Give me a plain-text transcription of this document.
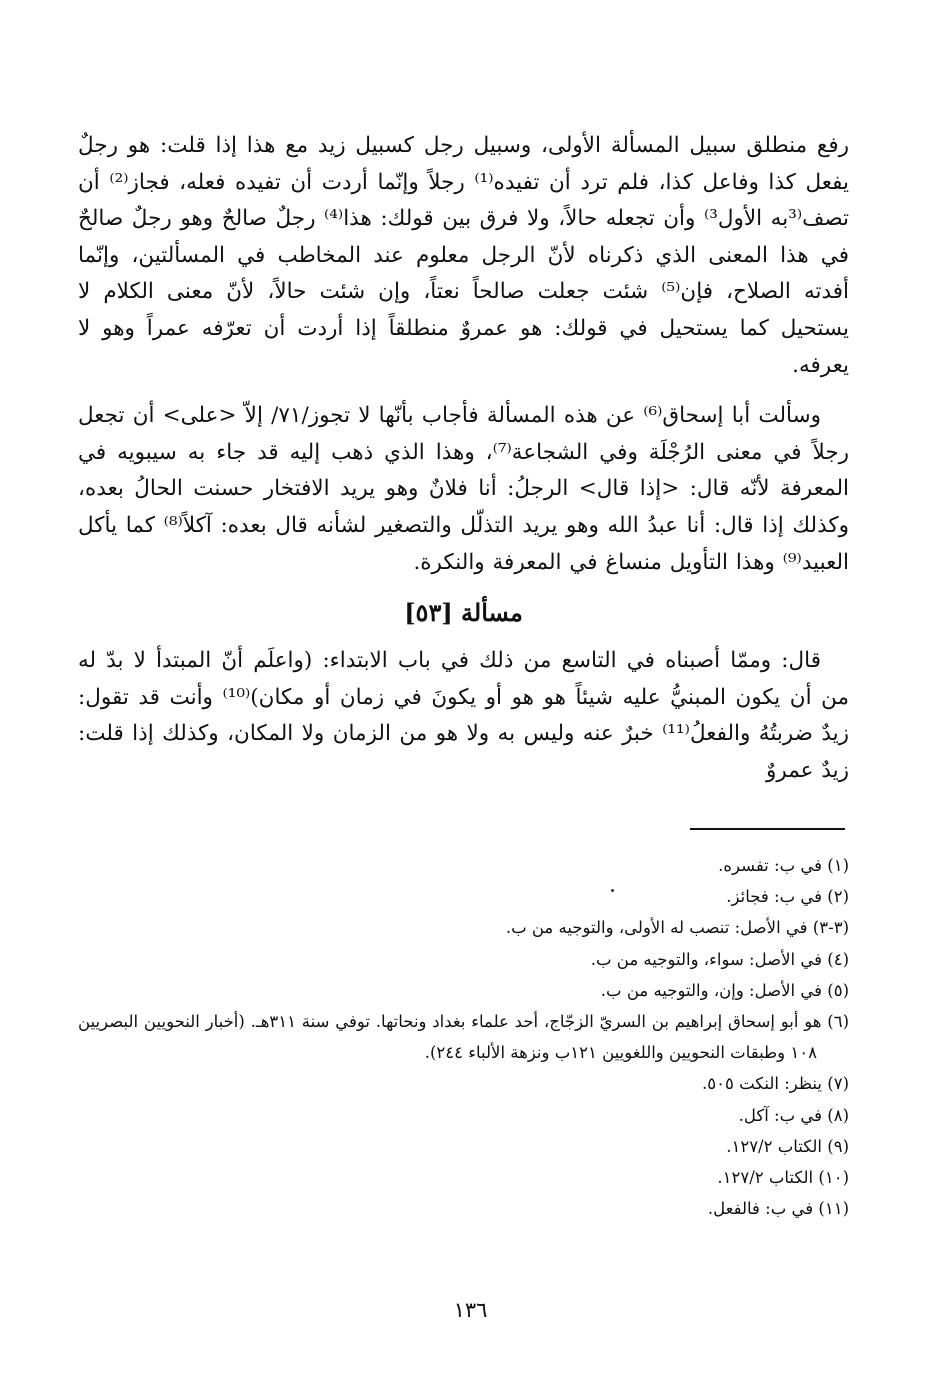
رفع منطلق سبيل المسألة الأولى، وسبيل رجل كسبيل زيد مع هذا إذا قلت: هو رجلٌ يفعل كذا وفاعل كذا، فلم ترد أن تفيده⁽¹⁾ رجلاً وإنّما أردت أن تفيده فعله، فجاز⁽²⁾ أن تصف⁽³به الأول³⁾ وأن تجعله حالاً، ولا فرق بين قولك: هذا⁽⁴⁾ رجلٌ صالحٌ وهو رجلٌ صالحٌ في هذا المعنى الذي ذكرناه لأنّ الرجل معلوم عند المخاطب في المسألتين، وإنّما أفدته الصلاح، فإن⁽⁵⁾ شئت جعلت صالحاً نعتاً، وإن شئت حالاً، لأنّ معنى الكلام لا يستحيل كما يستحيل في قولك: هو عمروٌ منطلقاً إذا أردت أن تعرّفه عمراً وهو لا يعرفه.

وسألت أبا إسحاق⁽⁶⁾ عن هذه المسألة فأجاب بأنّها لا تجوز/٧١/ إلاّ <على> أن تجعل رجلاً في معنى الرُجْلَة وفي الشجاعة⁽⁷⁾، وهذا الذي ذهب إليه قد جاء به سيبويه في المعرفة لأنّه قال: <إذا قال> الرجلُ: أنا فلانٌ وهو يريد الافتخار حسنت الحالُ بعده، وكذلك إذا قال: أنا عبدُ الله وهو يريد التذلّل والتصغير لشأنه قال بعده: آكلاً⁽⁸⁾ كما يأكل العبيد⁽⁹⁾ وهذا التأويل منساغ في المعرفة والنكرة.

مسألة [٥٣]

قال: وممّا أصبناه في التاسع من ذلك في باب الابتداء: (واعلَم أنّ المبتدأ لا بدّ له من أن يكون المبنيُّ عليه شيئاً هو هو أو يكونَ في زمان أو مكان)⁽¹⁰⁾ وأنت قد تقول: زيدٌ ضربتُهُ والفعلُ⁽¹¹⁾ خبرٌ عنه وليس به ولا هو من الزمان ولا المكان، وكذلك إذا قلت: زيدٌ عمروٌ

(١) في ب: تفسره.
(٢) في ب: فجائز.
(٣-٣) في الأصل: تنصب له الأولى، والتوجيه من ب.
(٤) في الأصل: سواء، والتوجيه من ب.
(٥) في الأصل: وإن، والتوجيه من ب.
(٦) هو أبو إسحاق إبراهيم بن السريّ الزجّاج، أحد علماء بغداد ونحاتها. توفي سنة ٣١١هـ. (أخبار النحويين البصريين ١٠٨ وطبقات النحويين واللغويين ١٢١ب ونزهة الألباء ٢٤٤).
(٧) ينظر: النكت ٥٠٥.
(٨) في ب: آكل.
(٩) الكتاب ١٢٧/٢.
(١٠) الكتاب ١٢٧/٢.
(١١) في ب: فالفعل.
١٣٦
